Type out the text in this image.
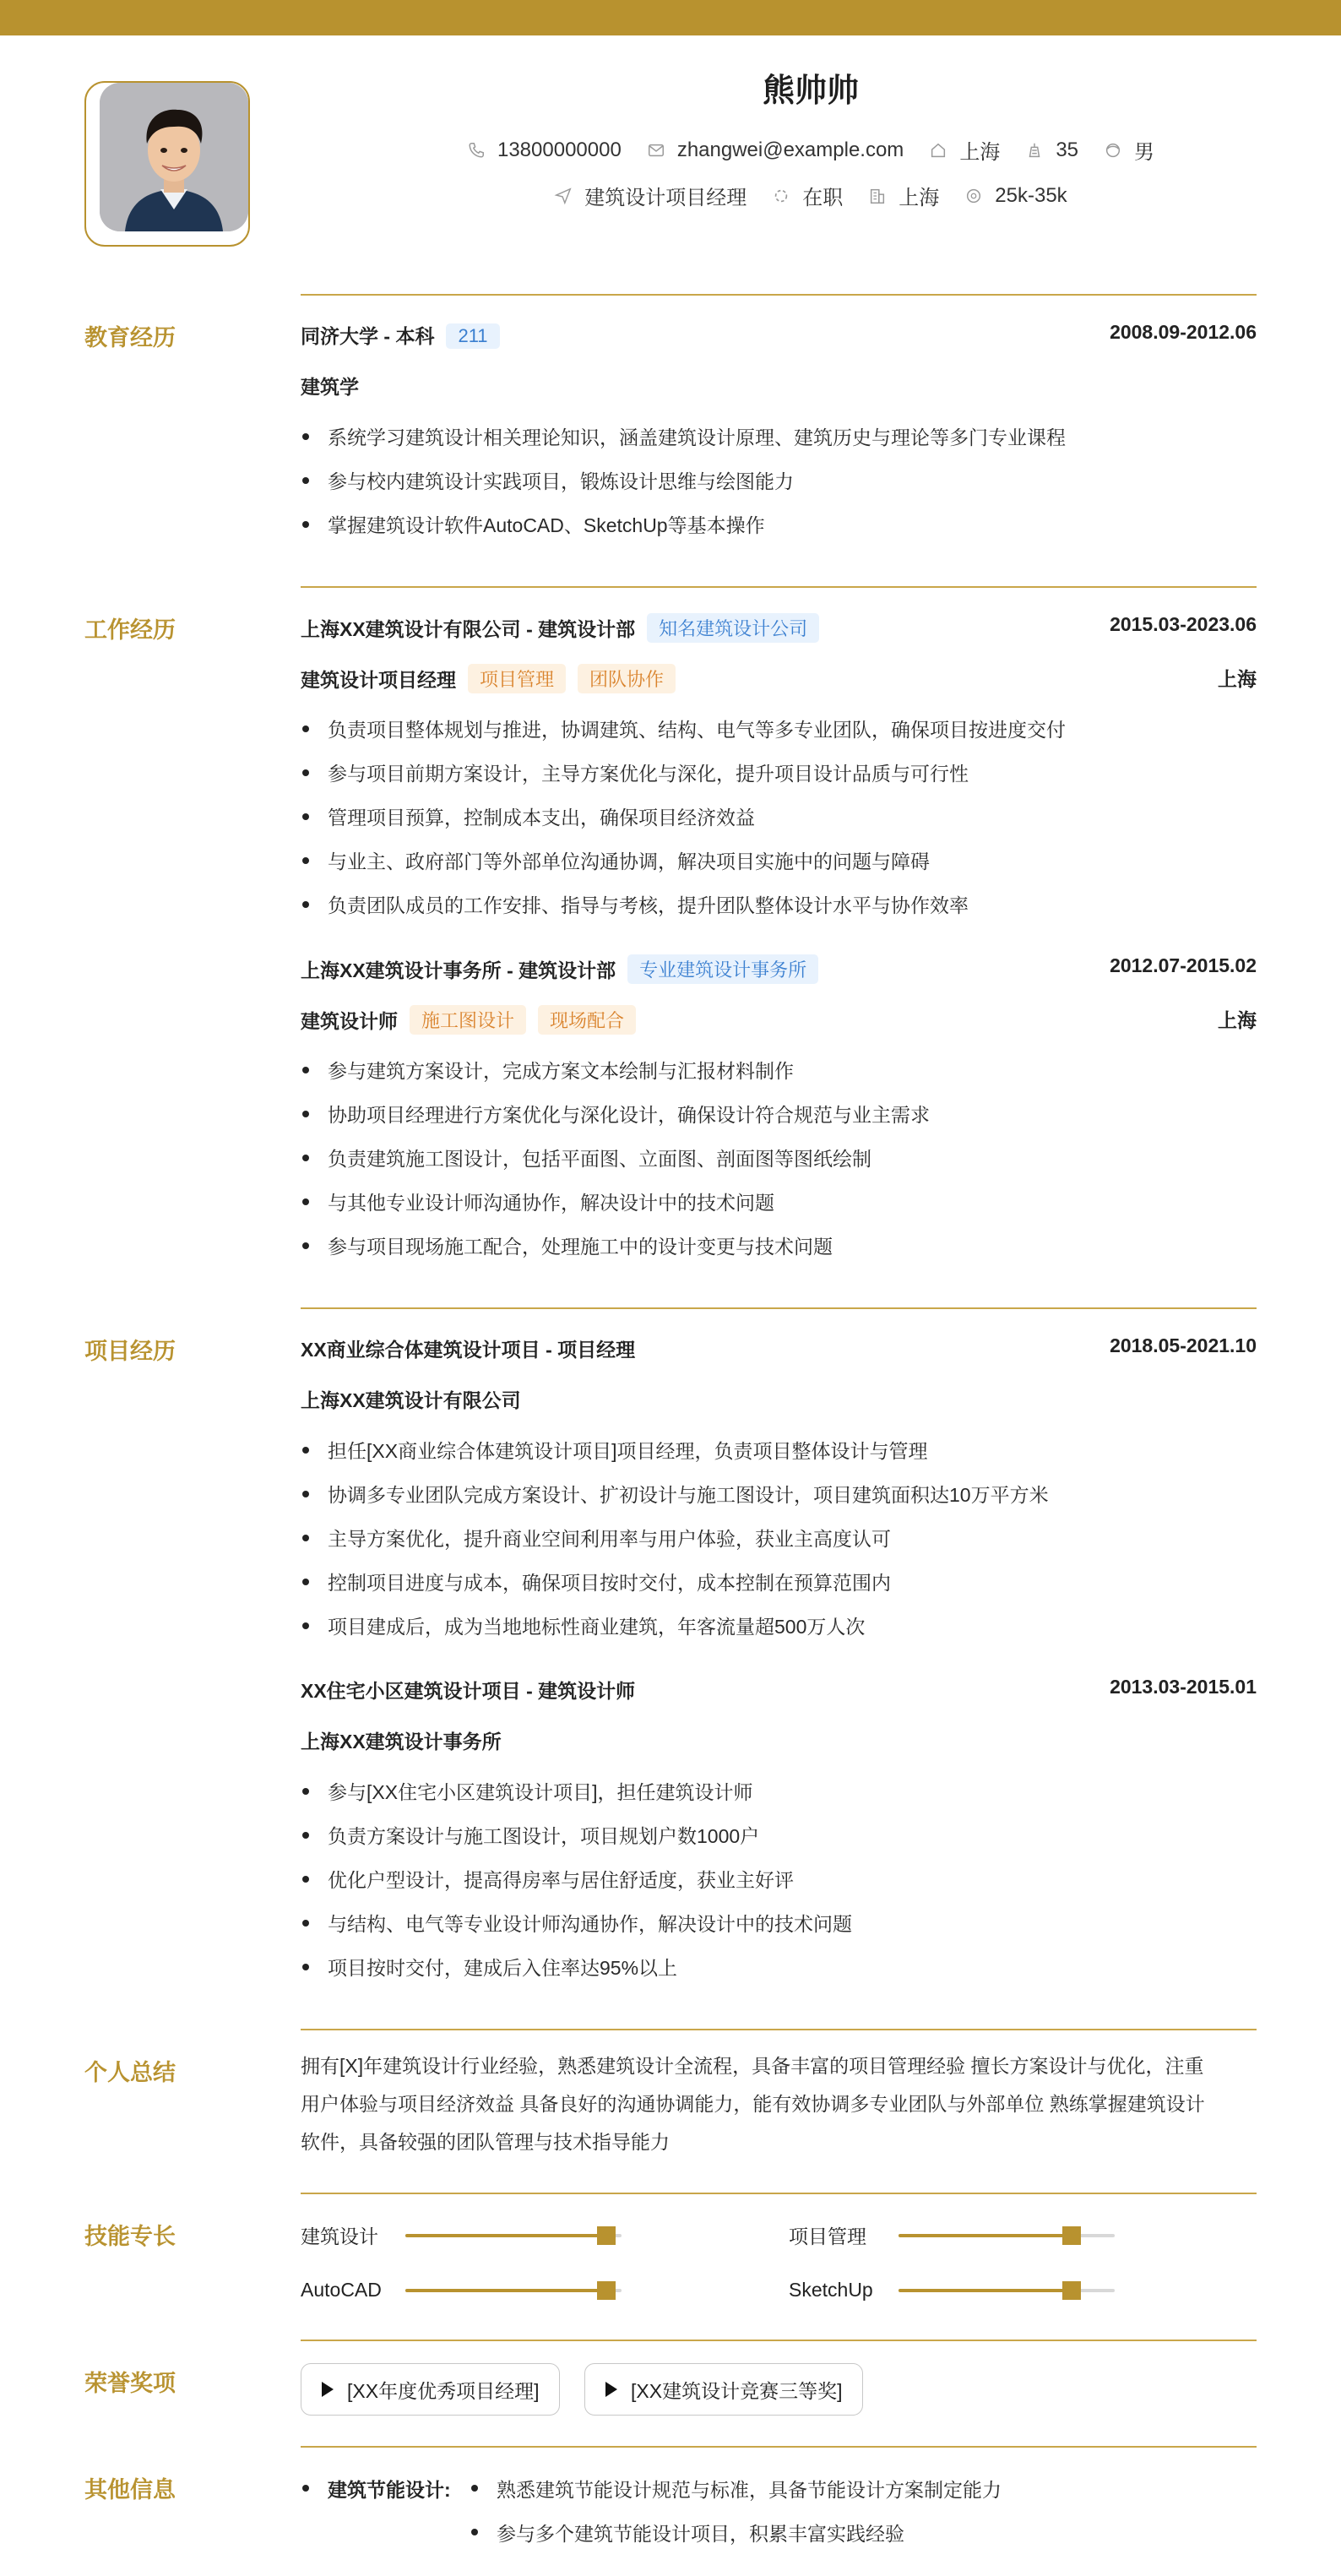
熊帅帅
13800000000	zhangwei@example.com	上海	35	男
建筑设计项目经理	在职	上海	25k-35k
教育经历	同济大学 - 本科 211	2008.09-2012.06
建筑学
系统学习建筑设计相关理论知识，涵盖建筑设计原理、建筑历史与理论等多门专业课程
参与校内建筑设计实践项目，锻炼设计思维与绘图能力
掌握建筑设计软件AutoCAD、SketchUp等基本操作
工作经历	上海XX建筑设计有限公司 - 建筑设计部 知名建筑设计公司	2015.03-2023.06
建筑设计项目经理 项目管理 团队协作	上海
负责项目整体规划与推进，协调建筑、结构、电气等多专业团队，确保项目按进度交付
参与项目前期方案设计，主导方案优化与深化，提升项目设计品质与可行性
管理项目预算，控制成本支出，确保项目经济效益
与业主、政府部门等外部单位沟通协调，解决项目实施中的问题与障碍
负责团队成员的工作安排、指导与考核，提升团队整体设计水平与协作效率
上海XX建筑设计事务所 - 建筑设计部 专业建筑设计事务所	2012.07-2015.02
建筑设计师 施工图设计 现场配合	上海
参与建筑方案设计，完成方案文本绘制与汇报材料制作
协助项目经理进行方案优化与深化设计，确保设计符合规范与业主需求
负责建筑施工图设计，包括平面图、立面图、剖面图等图纸绘制
与其他专业设计师沟通协作，解决设计中的技术问题
参与项目现场施工配合，处理施工中的设计变更与技术问题
项目经历	XX商业综合体建筑设计项目 - 项目经理	2018.05-2021.10
上海XX建筑设计有限公司
担任[XX商业综合体建筑设计项目]项目经理，负责项目整体设计与管理
协调多专业团队完成方案设计、扩初设计与施工图设计，项目建筑面积达10万平方米
主导方案优化，提升商业空间利用率与用户体验，获业主高度认可
控制项目进度与成本，确保项目按时交付，成本控制在预算范围内
项目建成后，成为当地地标性商业建筑，年客流量超500万人次
XX住宅小区建筑设计项目 - 建筑设计师	2013.03-2015.01
上海XX建筑设计事务所
参与[XX住宅小区建筑设计项目]，担任建筑设计师
负责方案设计与施工图设计，项目规划户数1000户
优化户型设计，提高得房率与居住舒适度，获业主好评
与结构、电气等专业设计师沟通协作，解决设计中的技术问题
项目按时交付，建成后入住率达95%以上
个人总结	拥有[X]年建筑设计行业经验，熟悉建筑设计全流程，具备丰富的项目管理经验 擅长方案设计与优化，注重
用户体验与项目经济效益 具备良好的沟通协调能力，能有效协调多专业团队与外部单位 熟练掌握建筑设计
软件，具备较强的团队管理与技术指导能力
技能专长	建筑设计	项目管理
AutoCAD	SketchUp
荣誉奖项	[XX年度优秀项目经理]	[XX建筑设计竞赛三等奖]
其他信息	建筑节能设计:	熟悉建筑节能设计规范与标准，具备节能设计方案制定能力
参与多个建筑节能设计项目，积累丰富实践经验
